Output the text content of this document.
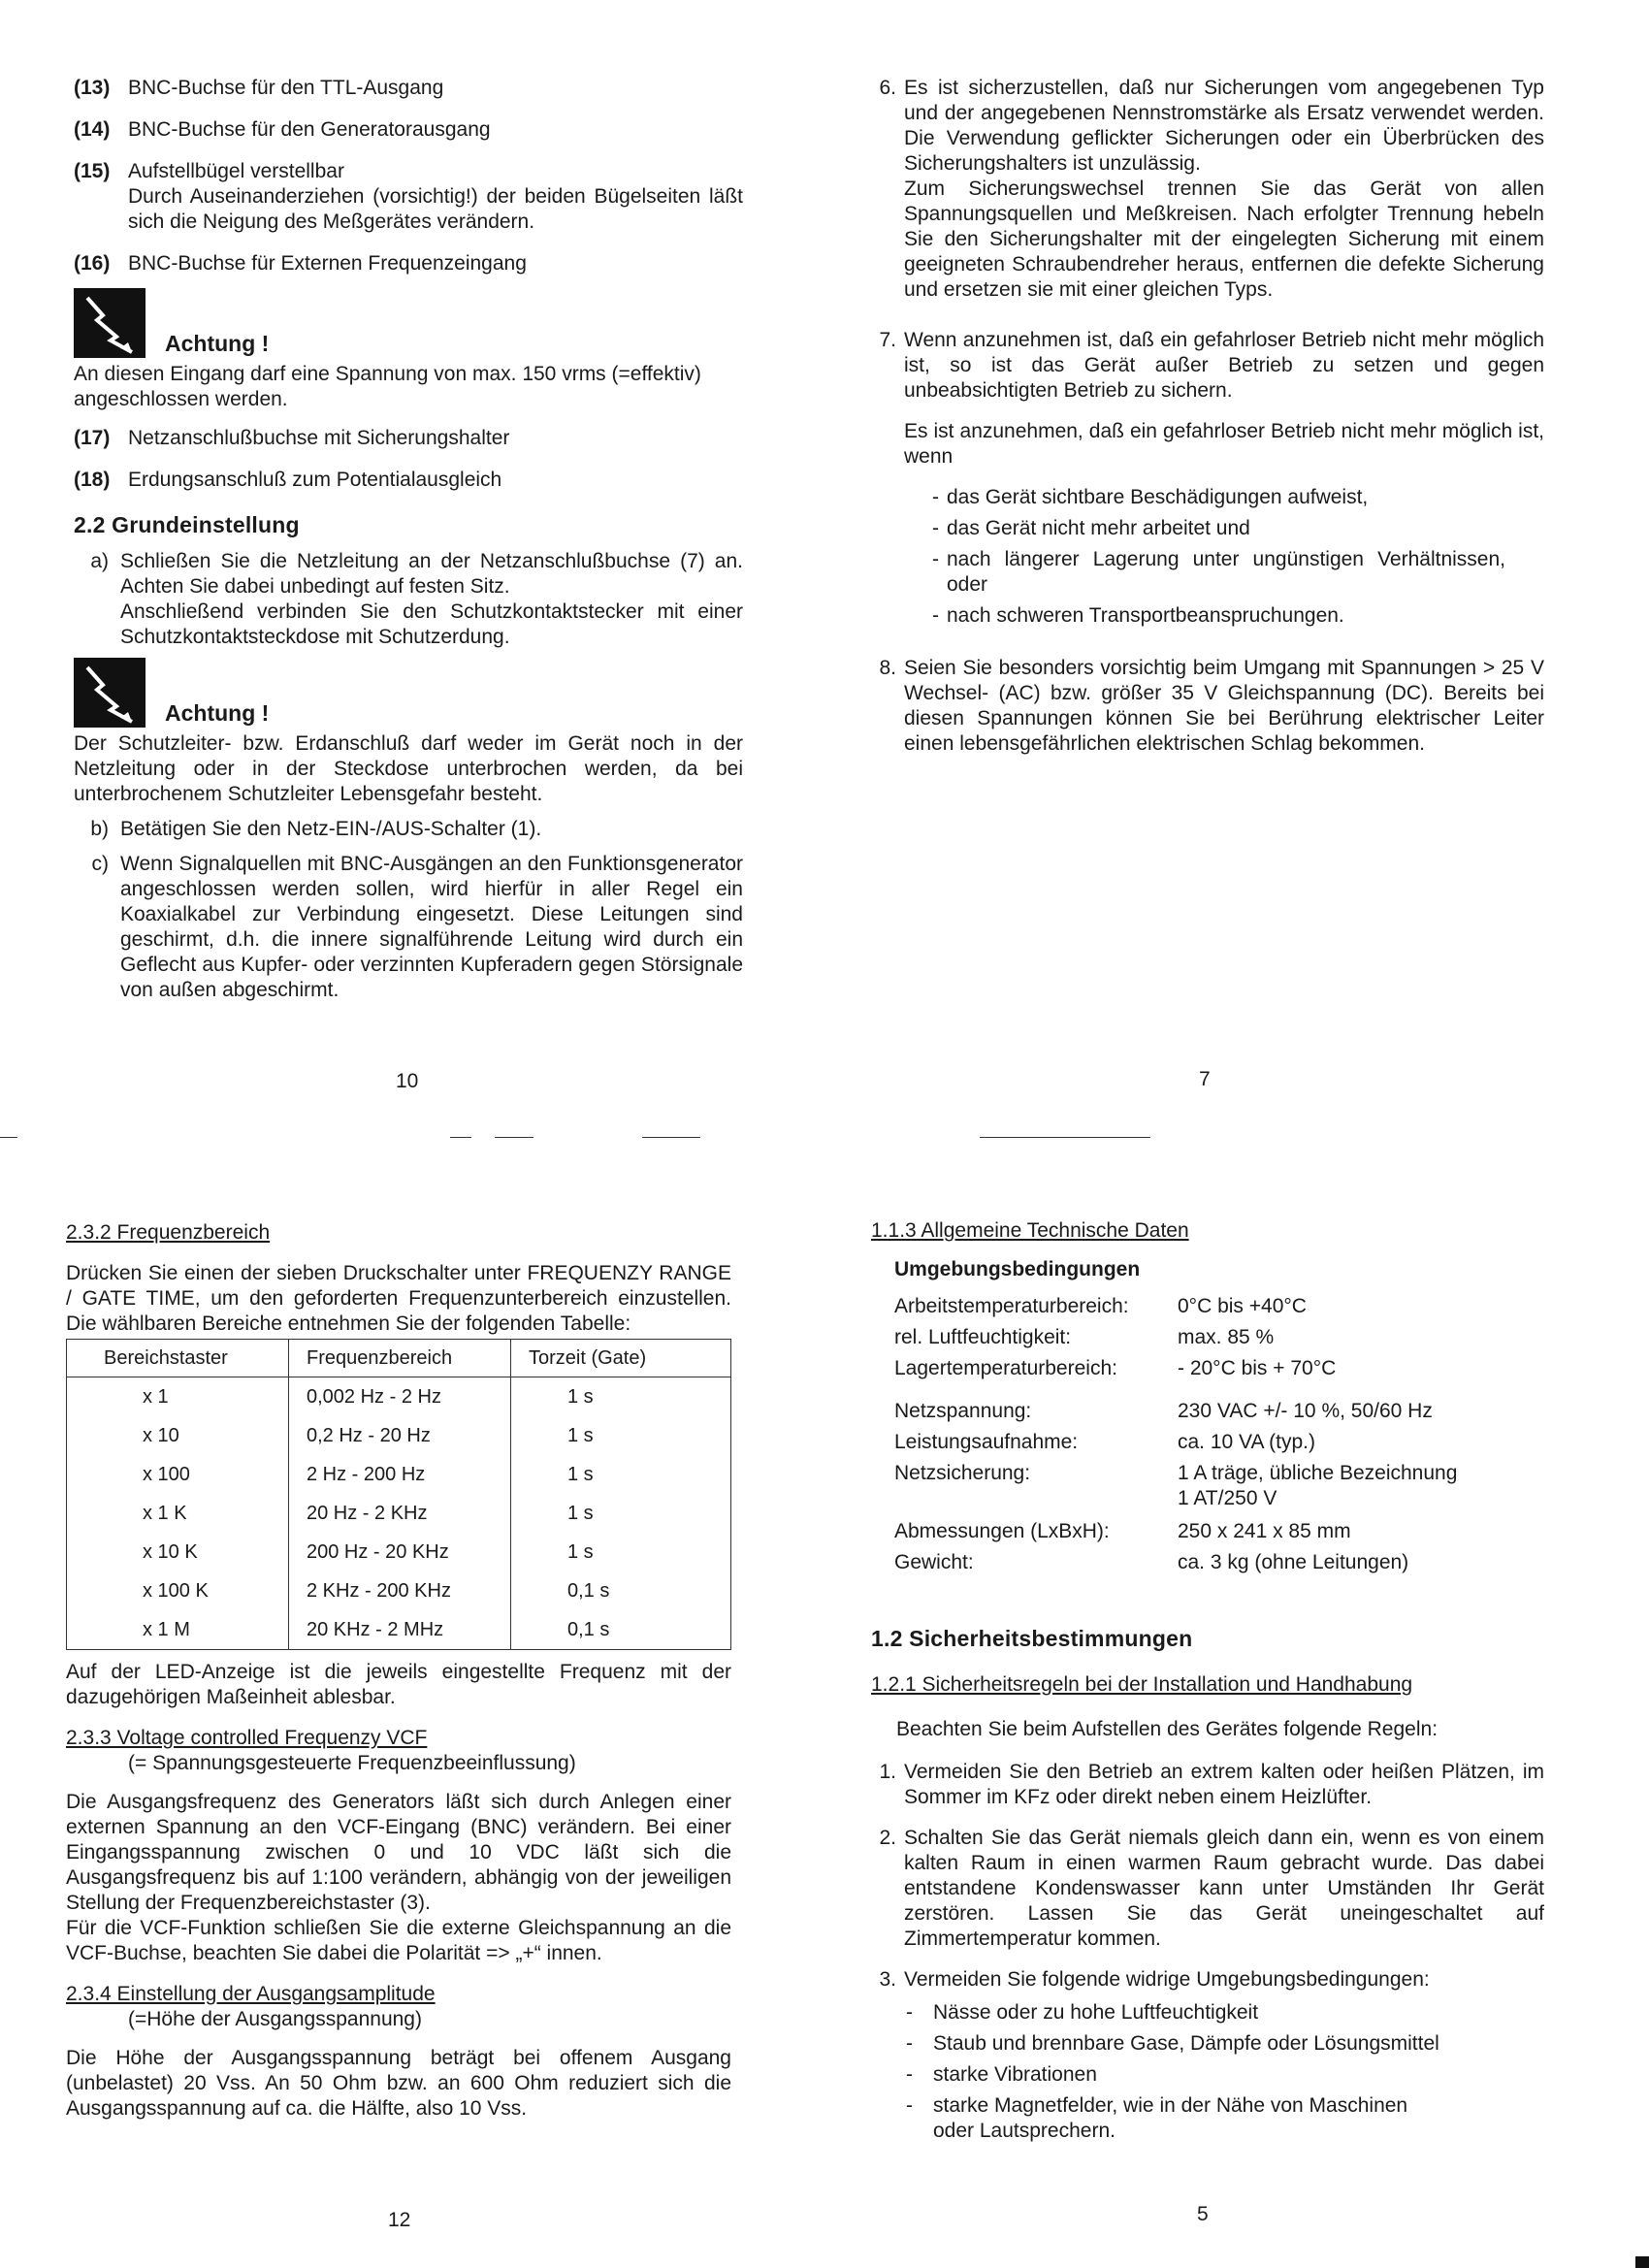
(13) BNC-Buchse für den TTL-Ausgang
(14) BNC-Buchse für den Generatorausgang
(15) Aufstellbügel verstellbar
Durch Auseinanderziehen (vorsichtig!) der beiden Bügelseiten läßt sich die Neigung des Meßgerätes verändern.
(16) BNC-Buchse für Externen Frequenzeingang
Achtung !

An diesen Eingang darf eine Spannung von max. 150 vrms (=effektiv) angeschlossen werden.

(17) Netzanschlußbuchse mit Sicherungshalter
(18) Erdungsanschluß zum Potentialausgleich
2.2 Grundeinstellung
a) Schließen Sie die Netzleitung an der Netzanschlußbuchse (7) an. Achten Sie dabei unbedingt auf festen Sitz.

Anschließend verbinden Sie den Schutzkontaktstecker mit einer Schutzkontaktsteckdose mit Schutzerdung.

Achtung !

Der Schutzleiter- bzw. Erdanschluß darf weder im Gerät noch in der Netzleitung oder in der Steckdose unterbrochen werden, da bei unterbrochenem Schutzleiter Lebensgefahr besteht.

b) Betätigen Sie den Netz-EIN-/AUS-Schalter (1).
c) Wenn Signalquellen mit BNC-Ausgängen an den Funktionsgenerator angeschlossen werden sollen, wird hierfür in aller Regel ein Koaxialkabel zur Verbindung eingesetzt. Diese Leitungen sind geschirmt, d.h. die innere signalführende Leitung wird durch ein Geflecht aus Kupfer- oder verzinnten Kupferadern gegen Störsignale von außen abgeschirmt.
10
6. Es ist sicherzustellen, daß nur Sicherungen vom angegebenen Typ und der angegebenen Nennstromstärke als Ersatz verwendet werden. Die Verwendung geflickter Sicherungen oder ein Überbrücken des Sicherungshalters ist unzulässig.

Zum Sicherungswechsel trennen Sie das Gerät von allen Spannungsquellen und Meßkreisen. Nach erfolgter Trennung hebeln Sie den Sicherungshalter mit der eingelegten Sicherung mit einem geeigneten Schraubendreher heraus, entfernen die defekte Sicherung und ersetzen sie mit einer gleichen Typs.

7. Wenn anzunehmen ist, daß ein gefahrloser Betrieb nicht mehr möglich ist, so ist das Gerät außer Betrieb zu setzen und gegen unbeabsichtigten Betrieb zu sichern.

Es ist anzunehmen, daß ein gefahrloser Betrieb nicht mehr möglich ist, wenn

- das Gerät sichtbare Beschädigungen aufweist,
- das Gerät nicht mehr arbeitet und
- nach längerer Lagerung unter ungünstigen Verhältnissen, oder
- nach schweren Transportbeanspruchungen.
8. Seien Sie besonders vorsichtig beim Umgang mit Spannungen > 25 V Wechsel- (AC) bzw. größer 35 V Gleichspannung (DC). Bereits bei diesen Spannungen können Sie bei Berührung elektrischer Leiter einen lebensgefährlichen elektrischen Schlag bekommen.
7

2.3.2 Frequenzbereich

Drücken Sie einen der sieben Druckschalter unter FREQUENZY RANGE / GATE TIME, um den geforderten Frequenzunterbereich einzustellen. Die wählbaren Bereiche entnehmen Sie der folgenden Tabelle:

Bereichstaster	Frequenzbereich	Torzeit (Gate)
x 1	0,002 Hz - 2 Hz	1 s
x 10	0,2 Hz - 20 Hz	1 s
x 100	2 Hz - 200 Hz	1 s
x 1 K	20 Hz - 2 KHz	1 s
x 10 K	200 Hz - 20 KHz	1 s
x 100 K	2 KHz - 200 KHz	0,1 s
x 1 M	20 KHz - 2 MHz	0,1 s

Auf der LED-Anzeige ist die jeweils eingestellte Frequenz mit der dazugehörigen Maßeinheit ablesbar.

2.3.3 Voltage controlled Frequenzy VCF

(= Spannungsgesteuerte Frequenzbeeinflussung)

Die Ausgangsfrequenz des Generators läßt sich durch Anlegen einer externen Spannung an den VCF-Eingang (BNC) verändern. Bei einer Eingangsspannung zwischen 0 und 10 VDC läßt sich die Ausgangsfrequenz bis auf 1:100 verändern, abhängig von der jeweiligen Stellung der Frequenzbereichstaster (3).

Für die VCF-Funktion schließen Sie die externe Gleichspannung an die VCF-Buchse, beachten Sie dabei die Polarität => „+“ innen.

2.3.4 Einstellung der Ausgangsamplitude

(=Höhe der Ausgangsspannung)

Die Höhe der Ausgangsspannung beträgt bei offenem Ausgang (unbelastet) 20 Vss. An 50 Ohm bzw. an 600 Ohm reduziert sich die Ausgangsspannung auf ca. die Hälfte, also 10 Vss.

12

1.1.3 Allgemeine Technische Daten

Umgebungsbedingungen

Arbeitstemperaturbereich:	0°C bis +40°C
rel. Luftfeuchtigkeit:	max. 85 %
Lagertemperaturbereich:	- 20°C bis + 70°C
Netzspannung:	230 VAC +/- 10 %, 50/60 Hz
Leistungsaufnahme:	ca. 10 VA (typ.)
Netzsicherung:	1 A träge, übliche Bezeichnung
1 AT/250 V
Abmessungen (LxBxH):	250 x 241 x 85 mm
Gewicht:	ca. 3 kg (ohne Leitungen)
1.2 Sicherheitsbestimmungen

1.2.1 Sicherheitsregeln bei der Installation und Handhabung

Beachten Sie beim Aufstellen des Gerätes folgende Regeln:

1. Vermeiden Sie den Betrieb an extrem kalten oder heißen Plätzen, im Sommer im KFz oder direkt neben einem Heizlüfter.
2. Schalten Sie das Gerät niemals gleich dann ein, wenn es von einem kalten Raum in einen warmen Raum gebracht wurde. Das dabei entstandene Kondenswasser kann unter Umständen Ihr Gerät zerstören. Lassen Sie das Gerät uneingeschaltet auf Zimmertemperatur kommen.
3. Vermeiden Sie folgende widrige Umgebungsbedingungen:
-	Nässe oder zu hohe Luftfeuchtigkeit
-	Staub und brennbare Gase, Dämpfe oder Lösungsmittel
-	starke Vibrationen
-	starke Magnetfelder, wie in der Nähe von Maschinen oder Lautsprechern.
5
